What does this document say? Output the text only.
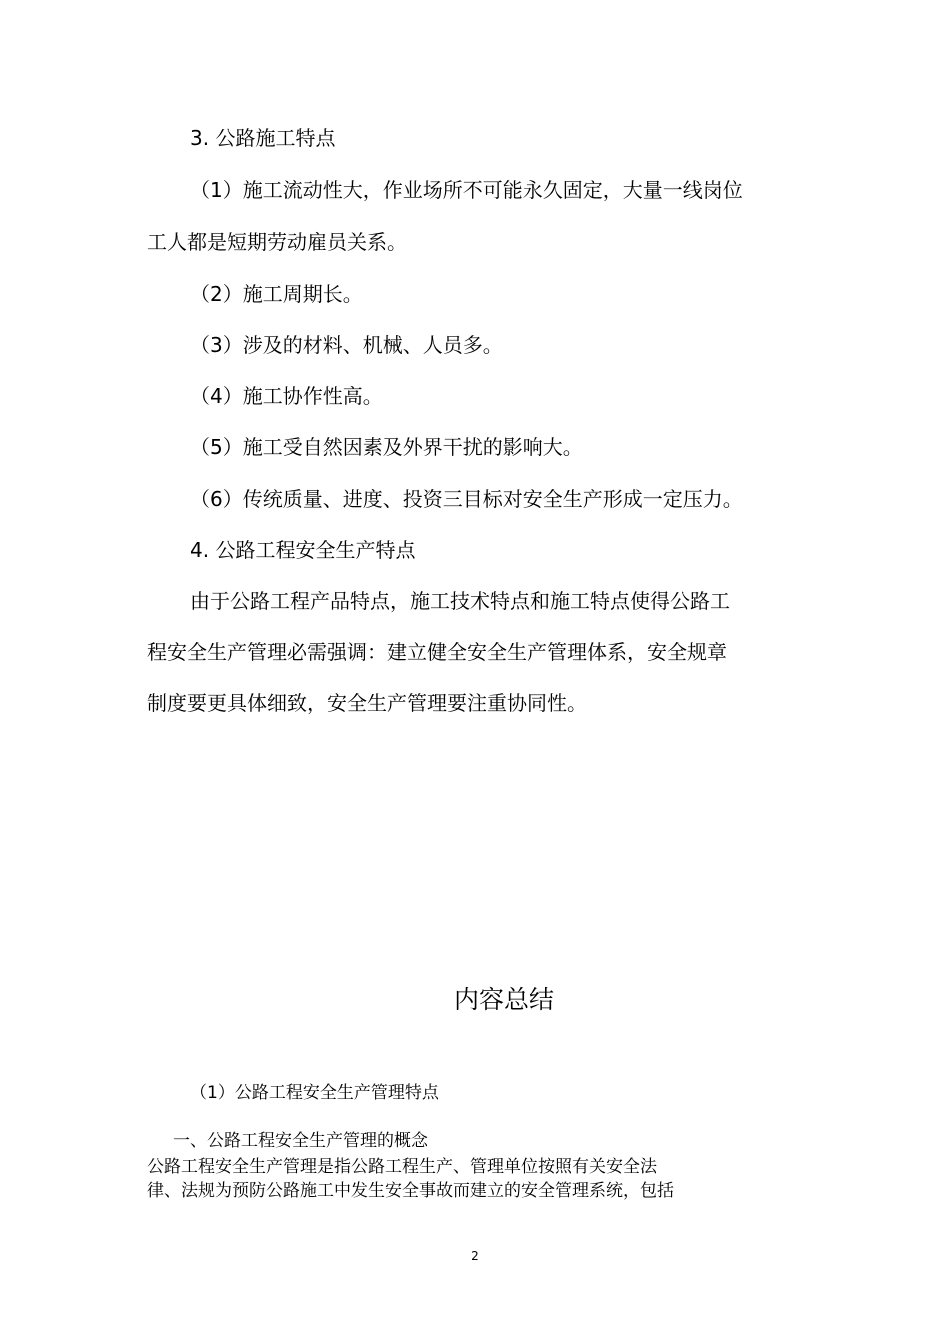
3. 公路施工特点
（1）施工流动性大，作业场所不可能永久固定，大量一线岗位
工人都是短期劳动雇员关系。
（2）施工周期长。
（3）涉及的材料、机械、人员多。
（4）施工协作性高。
（5）施工受自然因素及外界干扰的影响大。
（6）传统质量、进度、投资三目标对安全生产形成一定压力。
4. 公路工程安全生产特点
由于公路工程产品特点，施工技术特点和施工特点使得公路工
程安全生产管理必需强调：建立健全安全生产管理体系，安全规章
制度要更具体细致，安全生产管理要注重协同性。
内容总结
（1）公路工程安全生产管理特点
一、公路工程安全生产管理的概念
公路工程安全生产管理是指公路工程生产、管理单位按照有关安全法
律、法规为预防公路施工中发生安全事故而建立的安全管理系统，包括
2
